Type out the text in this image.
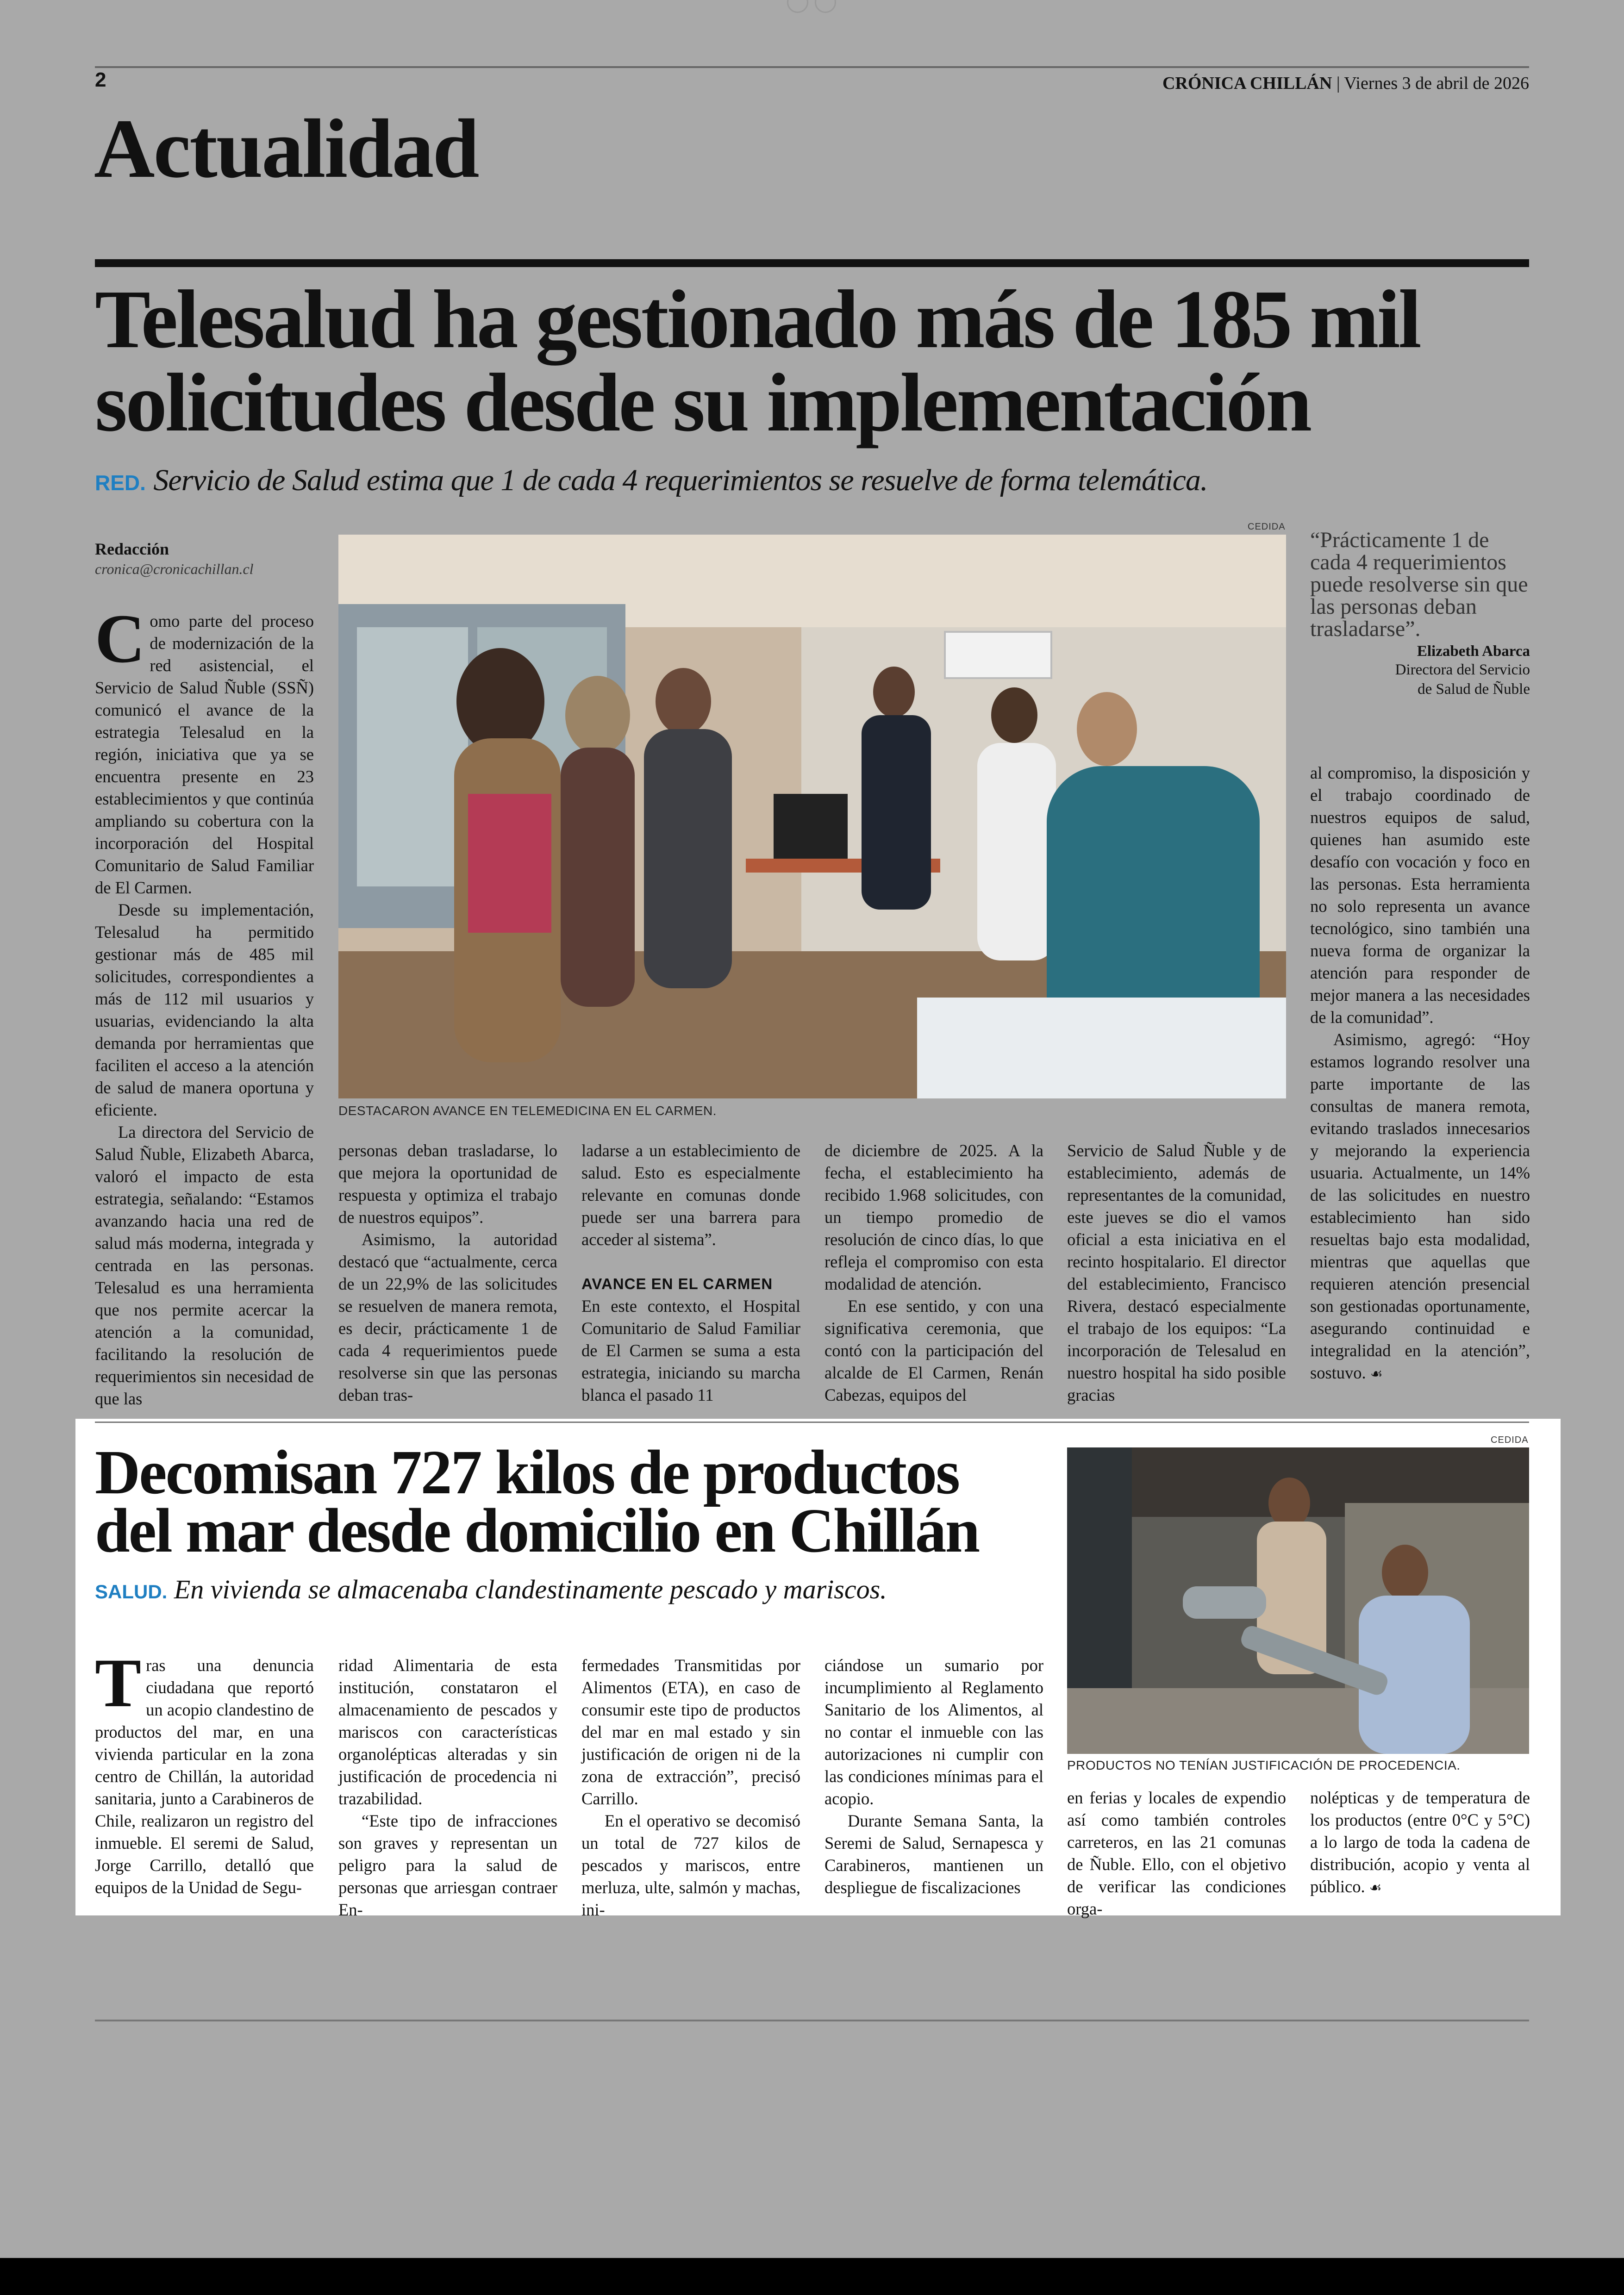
2	CRÓNICA CHILLÁN | Viernes 3 de abril de 2026
Actualidad
Telesalud ha gestionado más de 185 mil
solicitudes desde su implementación
RED. Servicio de Salud estima que 1 de cada 4 requerimientos se resuelve de forma telemática.
Redacción
cronica@cronicachillan.cl
CEDIDA
DESTACARON AVANCE EN TELEMEDICINA EN EL CARMEN.
“Prácticamente 1 de cada 4 requerimientos puede resolverse sin que las personas deban trasladarse”.
Elizabeth Abarca
Directora del Servicio
de Salud de Ñuble

Como parte del proceso de modernización de la red asistencial, el Servicio de Salud Ñuble (SSÑ) comunicó el avance de la estrategia Telesalud en la región, iniciativa que ya se encuentra presente en 23 establecimientos y que continúa ampliando su cobertura con la incorporación del Hospital Comunitario de Salud Familiar de El Carmen.

Desde su implementación, Telesalud ha permitido gestionar más de 485 mil solicitudes, correspondientes a más de 112 mil usuarios y usuarias, evidenciando la alta demanda por herramientas que faciliten el acceso a la atención de salud de manera oportuna y eficiente.

La directora del Servicio de Salud Ñuble, Elizabeth Abarca, valoró el impacto de esta estrategia, señalando: “Estamos avanzando hacia una red de salud más moderna, integrada y centrada en las personas. Telesalud es una herramienta que nos permite acercar la atención a la comunidad, facilitando la resolución de requerimientos sin necesidad de que las

personas deban trasladarse, lo que mejora la oportunidad de respuesta y optimiza el trabajo de nuestros equipos”.

Asimismo, la autoridad destacó que “actualmente, cerca de un 22,9% de las solicitudes se resuelven de manera remota, es decir, prácticamente 1 de cada 4 requerimientos puede resolverse sin que las personas deban tras-

ladarse a un establecimiento de salud. Esto es especialmente relevante en comunas donde puede ser una barrera para acceder al sistema”.

AVANCE EN EL CARMEN

En este contexto, el Hospital Comunitario de Salud Familiar de El Carmen se suma a esta estrategia, iniciando su marcha blanca el pasado 11

de diciembre de 2025. A la fecha, el establecimiento ha recibido 1.968 solicitudes, con un tiempo promedio de resolución de cinco días, lo que refleja el compromiso con esta modalidad de atención.

En ese sentido, y con una significativa ceremonia, que contó con la participación del alcalde de El Carmen, Renán Cabezas, equipos del

Servicio de Salud Ñuble y de establecimiento, además de representantes de la comunidad, este jueves se dio el vamos oficial a esta iniciativa en el recinto hospitalario. El director del establecimiento, Francisco Rivera, destacó especialmente el trabajo de los equipos: “La incorporación de Telesalud en nuestro hospital ha sido posible gracias

al compromiso, la disposición y el trabajo coordinado de nuestros equipos de salud, quienes han asumido este desafío con vocación y foco en las personas. Esta herramienta no solo representa un avance tecnológico, sino también una nueva forma de organizar la atención para responder de mejor manera a las necesidades de la comunidad”.

Asimismo, agregó: “Hoy estamos logrando resolver una parte importante de las consultas de manera remota, evitando traslados innecesarios y mejorando la experiencia usuaria. Actualmente, un 14% de las solicitudes en nuestro establecimiento han sido resueltas bajo esta modalidad, mientras que aquellas que requieren atención presencial son gestionadas oportunamente, asegurando continuidad e integralidad en la atención”, sostuvo. ☙

Decomisan 727 kilos de productos
del mar desde domicilio en Chillán
SALUD. En vivienda se almacenaba clandestinamente pescado y mariscos.
CEDIDA
PRODUCTOS NO TENÍAN JUSTIFICACIÓN DE PROCEDENCIA.

Tras una denuncia ciudadana que reportó un acopio clandestino de productos del mar, en una vivienda particular en la zona centro de Chillán, la autoridad sanitaria, junto a Carabineros de Chile, realizaron un registro del inmueble. El seremi de Salud, Jorge Carrillo, detalló que equipos de la Unidad de Segu-

ridad Alimentaria de esta institución, constataron el almacenamiento de pescados y mariscos con características organolépticas alteradas y sin justificación de procedencia ni trazabilidad.

“Este tipo de infracciones son graves y representan un peligro para la salud de personas que arriesgan contraer En-

fermedades Transmitidas por Alimentos (ETA), en caso de consumir este tipo de productos del mar en mal estado y sin justificación de origen ni de la zona de extracción”, precisó Carrillo.

En el operativo se decomisó un total de 727 kilos de pescados y mariscos, entre merluza, ulte, salmón y machas, ini-

ciándose un sumario por incumplimiento al Reglamento Sanitario de los Alimentos, al no contar el inmueble con las autorizaciones ni cumplir con las condiciones mínimas para el acopio.

Durante Semana Santa, la Seremi de Salud, Sernapesca y Carabineros, mantienen un despliegue de fiscalizaciones

en ferias y locales de expendio así como también controles carreteros, en las 21 comunas de Ñuble. Ello, con el objetivo de verificar las condiciones orga-

nolépticas y de temperatura de los productos (entre 0°C y 5°C) a lo largo de toda la cadena de distribución, acopio y venta al público. ☙
